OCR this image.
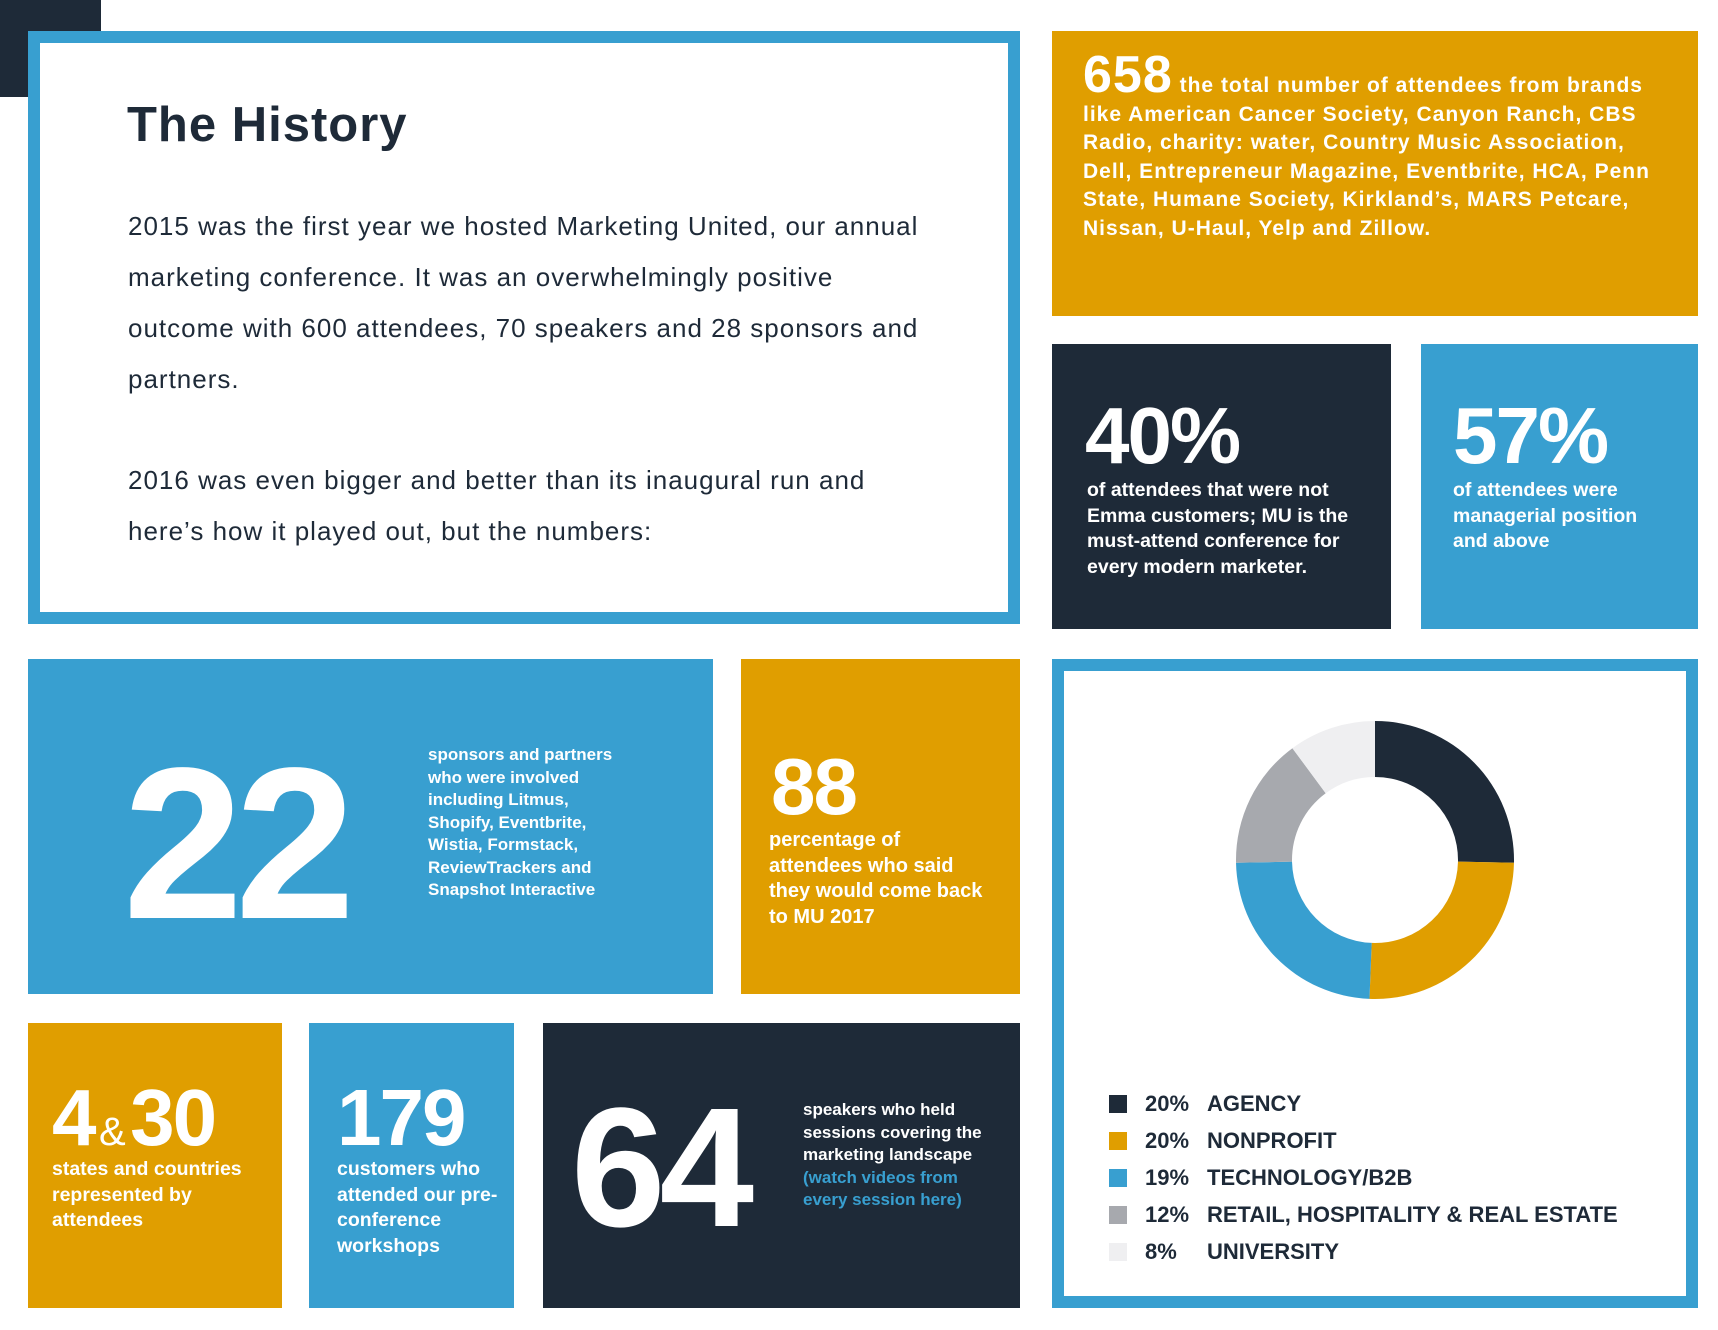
The History
2015 was the first year we hosted Marketing United, our annual marketing conference. It was an overwhelmingly positive outcome with 600 attendees, 70 speakers and 28 sponsors and partners.
2016 was even bigger and better than its inaugural run and here’s how it played out, but the numbers:
658 the total number of attendees from brands like American Cancer Society, Canyon Ranch, CBS Radio, charity: water, Country Music Association, Dell, Entrepreneur Magazine, Eventbrite, HCA, Penn State, Humane Society, Kirkland’s, MARS Petcare, Nissan, U-Haul, Yelp and Zillow.
40%
of attendees that were not Emma customers; MU is the must-attend conference for every modern marketer.
57%
of attendees were managerial position and above
22	sponsors and partners who were involved including Litmus, Shopify, Eventbrite, Wistia, Formstack, ReviewTrackers and Snapshot Interactive
88
percentage of attendees who said they would come back to MU 2017
4 & 30
states and countries represented by attendees
179
customers who attended our pre-conference workshops 64	speakers who held sessions covering the marketing landscape
(watch videos from every session here)
20% AGENCY
20% NONPROFIT
19% TECHNOLOGY/B2B
12% RETAIL, HOSPITALITY & REAL ESTATE
8%	UNIVERSITY
